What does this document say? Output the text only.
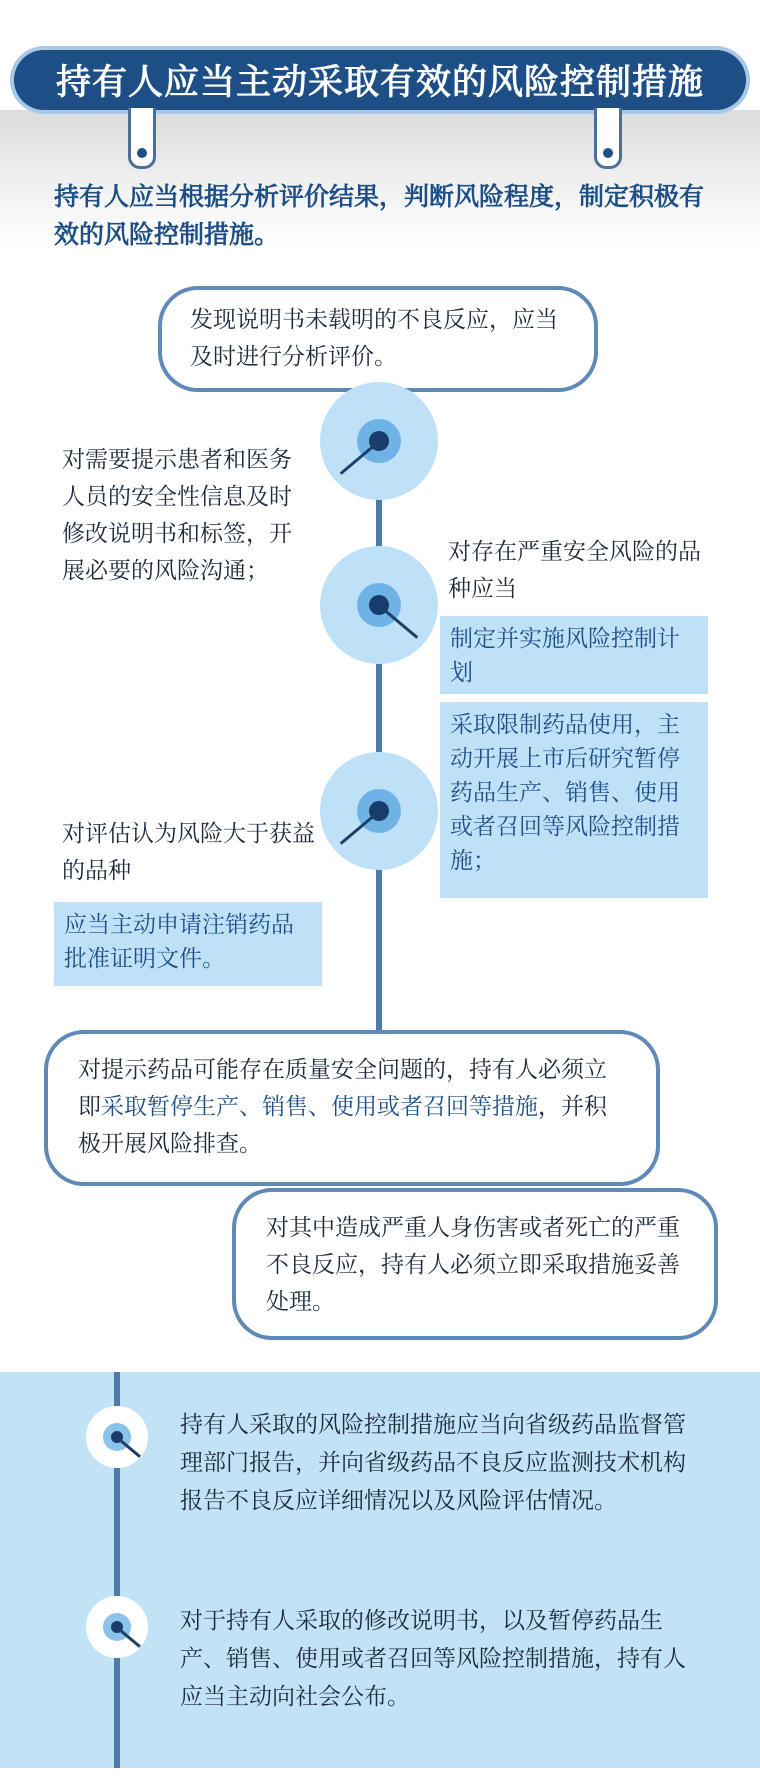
持有人应当主动采取有效的风险控制措施
持有人应当根据分析评价结果，判断风险程度，制定积极有效的风险控制措施。
发现说明书未载明的不良反应，应当及时进行分析评价。
对需要提示患者和医务人员的安全性信息及时修改说明书和标签，开展必要的风险沟通；
对存在严重安全风险的品种应当
制定并实施风险控制计划
采取限制药品使用，主动开展上市后研究暂停药品生产、销售、使用或者召回等风险控制措施；
对评估认为风险大于获益的品种
应当主动申请注销药品批准证明文件。
对提示药品可能存在质量安全问题的，持有人必须立即采取暂停生产、销售、使用或者召回等措施，并积极开展风险排查。
对其中造成严重人身伤害或者死亡的严重不良反应，持有人必须立即采取措施妥善处理。
持有人采取的风险控制措施应当向省级药品监督管理部门报告，并向省级药品不良反应监测技术机构报告不良反应详细情况以及风险评估情况。
对于持有人采取的修改说明书，以及暂停药品生产、销售、使用或者召回等风险控制措施，持有人应当主动向社会公布。
